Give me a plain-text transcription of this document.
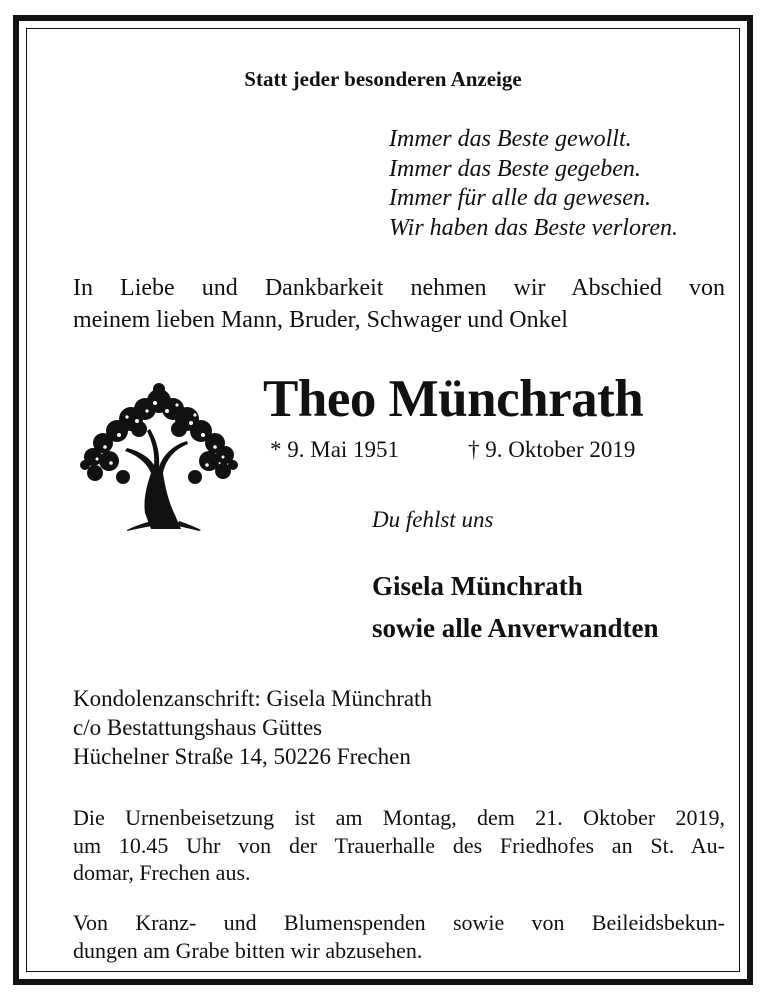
Statt jeder besonderen Anzeige
Immer das Beste gewollt.
Immer das Beste gegeben.
Immer für alle da gewesen.
Wir haben das Beste verloren.
In Liebe und Dankbarkeit nehmen wir Abschied von
meinem lieben Mann, Bruder, Schwager und Onkel
Theo Münchrath
* 9. Mai 1951	† 9. Oktober 2019
Du fehlst uns
Gisela Münchrath
sowie alle Anverwandten
Kondolenzanschrift: Gisela Münchrath
c/o Bestattungshaus Güttes
Hüchelner Straße 14, 50226 Frechen
Die Urnenbeisetzung ist am Montag, dem 21. Oktober 2019,
um 10.45 Uhr von der Trauerhalle des Friedhofes an St. Au-
domar, Frechen aus.
Von Kranz- und Blumenspenden sowie von Beileidsbekun-
dungen am Grabe bitten wir abzusehen.
